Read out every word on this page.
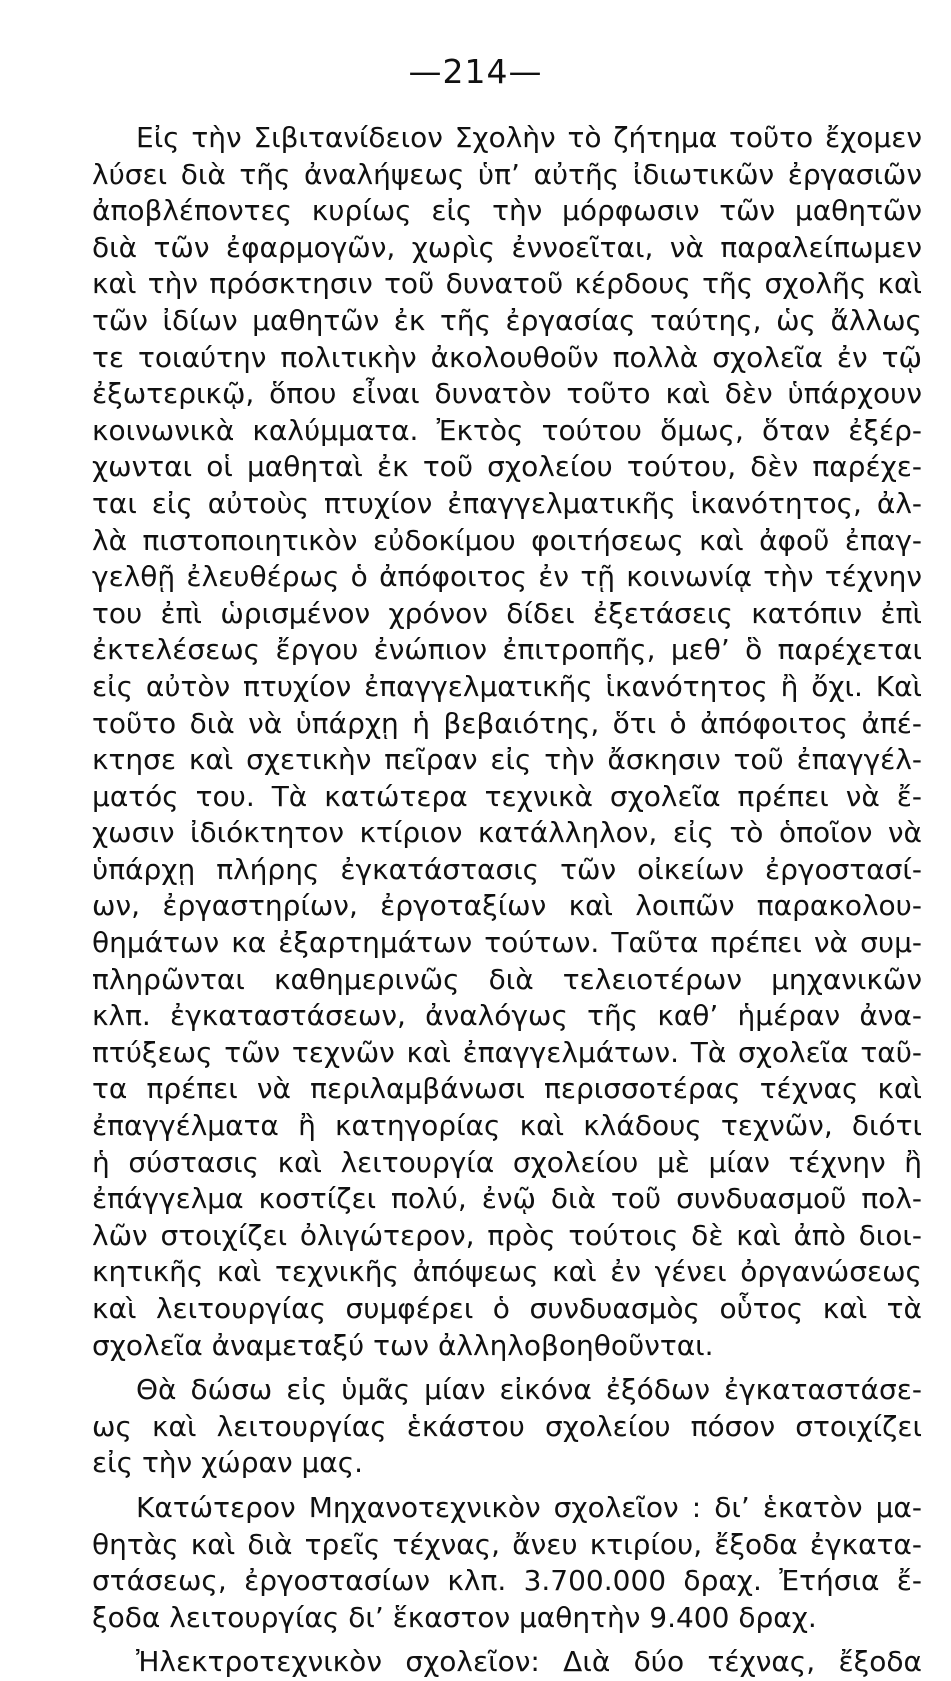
—214—
Εἰς τὴν Σιβιτανίδειον Σχολὴν τὸ ζήτημα τοῦτο ἔχομεν
λύσει διὰ τῆς ἀναλήψεως ὑπ’ αὐτῆς ἰδιωτικῶν ἐργασιῶν
ἀποβλέποντες κυρίως εἰς τὴν μόρφωσιν τῶν μαθητῶν
διὰ τῶν ἐφαρμογῶν, χωρὶς ἐννοεῖται, νὰ παραλείπωμεν
καὶ τὴν πρόσκτησιν τοῦ δυνατοῦ κέρδους τῆς σχολῆς καὶ
τῶν ἰδίων μαθητῶν ἐκ τῆς ἐργασίας ταύτης, ὡς ἄλλως
τε τοιαύτην πολιτικὴν ἀκολουθοῦν πολλὰ σχολεῖα ἐν τῷ
ἐξωτερικῷ, ὅπου εἶναι δυνατὸν τοῦτο καὶ δὲν ὑπάρχουν
κοινωνικὰ καλύμματα. Ἐκτὸς τούτου ὅμως, ὅταν ἐξέρ-
χωνται οἱ μαθηταὶ ἐκ τοῦ σχολείου τούτου, δὲν παρέχε-
ται εἰς αὐτοὺς πτυχίον ἐπαγγελματικῆς ἱκανότητος, ἀλ-
λὰ πιστοποιητικὸν εὐδοκίμου φοιτήσεως καὶ ἀφοῦ ἐπαγ-
γελθῇ ἐλευθέρως ὁ ἀπόφοιτος ἐν τῇ κοινωνίᾳ τὴν τέχνην
του ἐπὶ ὡρισμένον χρόνον δίδει ἐξετάσεις κατόπιν ἐπὶ
ἐκτελέσεως ἔργου ἐνώπιον ἐπιτροπῆς, μεθ’ ὃ παρέχεται
εἰς αὐτὸν πτυχίον ἐπαγγελματικῆς ἱκανότητος ἢ ὄχι. Καὶ
τοῦτο διὰ νὰ ὑπάρχῃ ἡ βεβαιότης, ὅτι ὁ ἀπόφοιτος ἀπέ-
κτησε καὶ σχετικὴν πεῖραν εἰς τὴν ἄσκησιν τοῦ ἐπαγγέλ-
ματός του. Τὰ κατώτερα τεχνικὰ σχολεῖα πρέπει νὰ ἔ-
χωσιν ἰδιόκτητον κτίριον κατάλληλον, εἰς τὸ ὁποῖον νὰ
ὑπάρχῃ πλήρης ἐγκατάστασις τῶν οἰκείων ἐργοστασί-
ων, ἐργαστηρίων, ἐργοταξίων καὶ λοιπῶν παρακολου-
θημάτων κα ἐξαρτημάτων τούτων. Ταῦτα πρέπει νὰ συμ-
πληρῶνται καθημερινῶς διὰ τελειοτέρων μηχανικῶν
κλπ. ἐγκαταστάσεων, ἀναλόγως τῆς καθ’ ἡμέραν ἀνα-
πτύξεως τῶν τεχνῶν καὶ ἐπαγγελμάτων. Τὰ σχολεῖα ταῦ-
τα πρέπει νὰ περιλαμβάνωσι περισσοτέρας τέχνας καὶ
ἐπαγγέλματα ἢ κατηγορίας καὶ κλάδους τεχνῶν, διότι
ἡ σύστασις καὶ λειτουργία σχολείου μὲ μίαν τέχνην ἢ
ἐπάγγελμα κοστίζει πολύ, ἐνῷ διὰ τοῦ συνδυασμοῦ πολ-
λῶν στοιχίζει ὀλιγώτερον, πρὸς τούτοις δὲ καὶ ἀπὸ διοι-
κητικῆς καὶ τεχνικῆς ἀπόψεως καὶ ἐν γένει ὀργανώσεως
καὶ λειτουργίας συμφέρει ὁ συνδυασμὸς οὗτος καὶ τὰ
σχολεῖα ἀναμεταξύ των ἀλληλοβοηθοῦνται.
Θὰ δώσω εἰς ὑμᾶς μίαν εἰκόνα ἐξόδων ἐγκαταστάσε-
ως καὶ λειτουργίας ἑκάστου σχολείου πόσον στοιχίζει
εἰς τὴν χώραν μας.
Κατώτερον Μηχανοτεχνικὸν σχολεῖον : δι’ ἑκατὸν μα-
θητὰς καὶ διὰ τρεῖς τέχνας, ἄνευ κτιρίου, ἔξοδα ἐγκατα-
στάσεως, ἐργοστασίων κλπ. 3.700.000 δραχ. Ἐτήσια ἔ-
ξοδα λειτουργίας δι’ ἕκαστον μαθητὴν 9.400 δραχ.
Ἠλεκτροτεχνικὸν σχολεῖον: Διὰ δύο τέχνας, ἔξοδα
